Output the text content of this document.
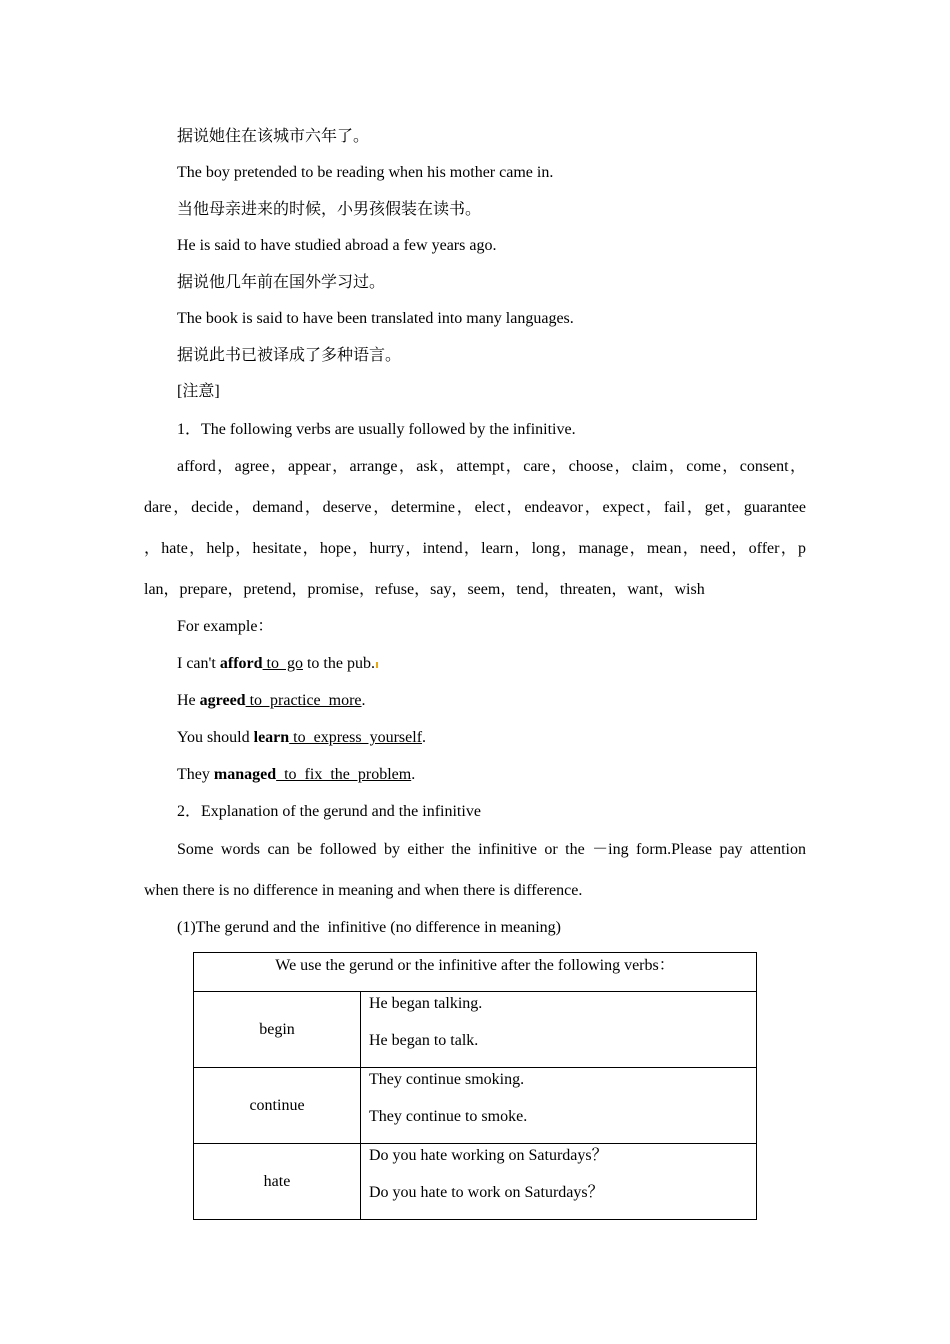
据说她住在该城市六年了。
The boy pretended to be reading when his mother came in.
当他母亲进来的时候，小男孩假装在读书。
He is said to have studied abroad a few years ago.
据说他几年前在国外学习过。
The book is said to have been translated into many languages.
据说此书已被译成了多种语言。
[注意]
1．The following verbs are usually followed by the infinitive.
afford，agree，appear，arrange，ask，attempt，care，choose，claim，come，consent，
dare，decide，demand，deserve，determine，elect，endeavor，expect，fail，get，guarantee
，hate，help，hesitate，hope，hurry，intend，learn，long，manage，mean，need，offer，p
lan，prepare，pretend，promise，refuse，say，seem，tend，threaten，want，wish
For example：
I can't afford to  go to the pub.
He agreed to  practice  more.
You should learn to  express  yourself.
They managed  to  fix  the  problem.
2．Explanation of the gerund and the infinitive
Some words can be followed by either the infinitive or the －ing form.Please pay attention
when there is no difference in meaning and when there is difference.
(1)The gerund and the  infinitive (no difference in meaning)
We use the gerund or the infinitive after the following verbs：	
begin	He began talking.
He began to talk.

continue	They continue smoking.
They continue to smoke.

hate	Do you hate working on Saturdays？
Do you hate to work on Saturdays？
